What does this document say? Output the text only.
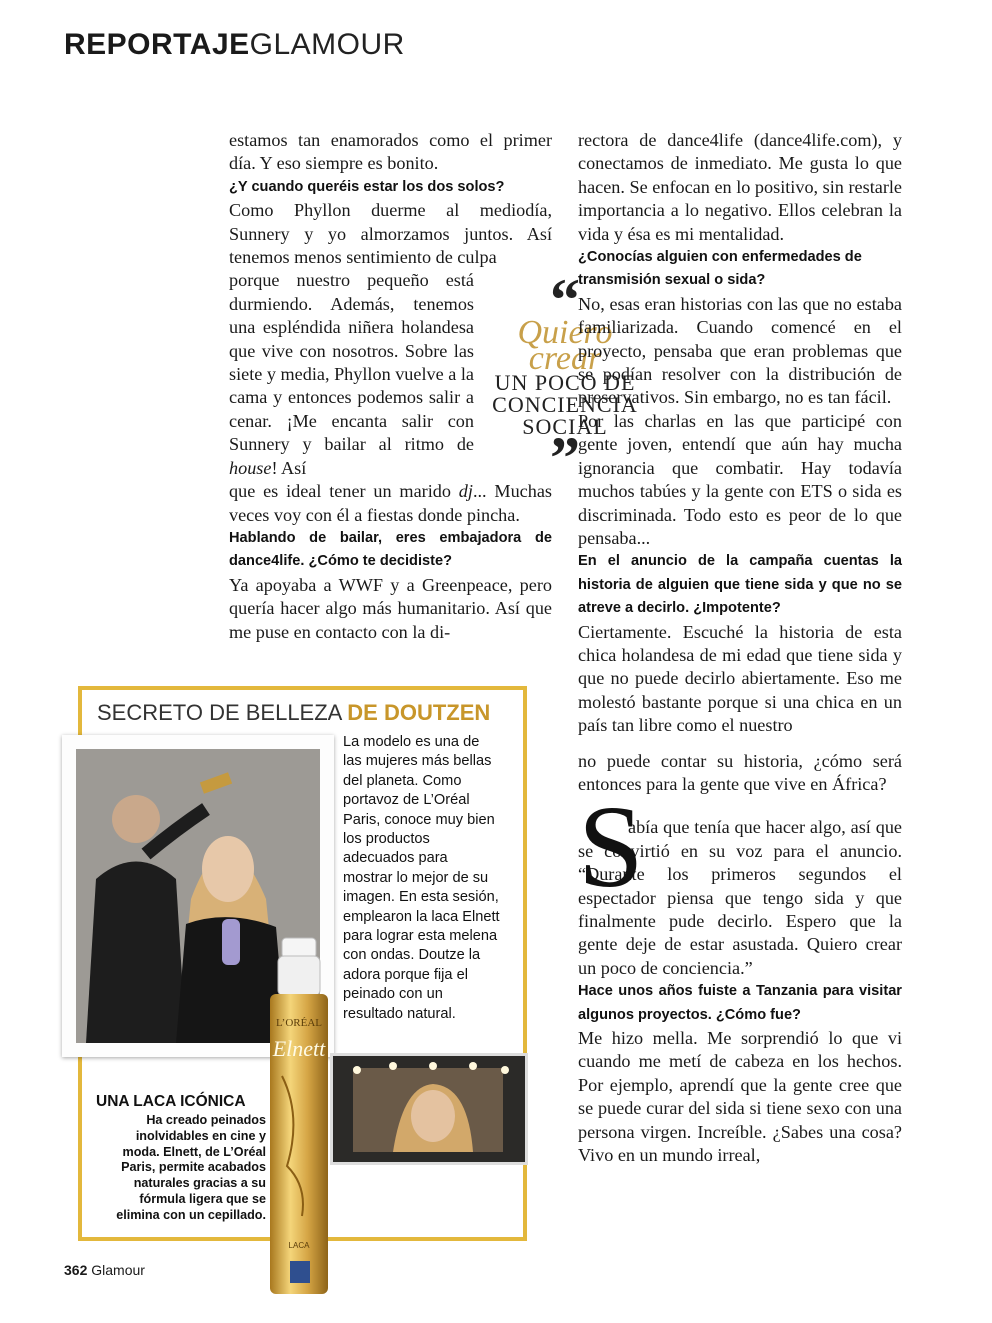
REPORTAJEGLAMOUR

estamos tan enamorados como el primer día. Y eso siempre es bonito.

¿Y cuando queréis estar los dos solos?

Como Phyllon duerme al mediodía, Sunnery y yo almorzamos juntos. Así tenemos menos sentimiento de culpa

porque nuestro pequeño está durmiendo. Además, tenemos una espléndida niñera holandesa que vive con nosotros. Sobre las siete y media, Phyllon vuelve a la cama y entonces podemos salir a cenar. ¡Me encanta salir con Sunnery y bailar al ritmo de house! Así

que es ideal tener un marido dj... Muchas veces voy con él a fiestas donde pincha.

Hablando de bailar, eres embajadora de dance4life. ¿Cómo te decidiste?

Ya apoyaba a WWF y a Greenpeace, pero quería hacer algo más humanitario. Así que me puse en contacto con la di-

“
Quiero
crear
UN POCO DE
CONCIENCIA
SOCIAL
”

rectora de dance4life (dance4life.com), y conectamos de inmediato. Me gusta lo que hacen. Se enfocan en lo positivo, sin restarle importancia a lo negativo. Ellos celebran la vida y ésa es mi mentalidad.

¿Conocías alguien con enfermedades de

transmisión sexual o sida?

No, esas eran historias con las que no estaba familiarizada. Cuando comencé en el proyecto, pensaba que eran problemas que se podían resolver con la distribución de preservativos. Sin embargo, no es tan fácil.

Por las charlas en las que participé con gente joven, entendí que aún hay mucha ignorancia que combatir. Hay todavía muchos tabúes y la gente con ETS o sida es discriminada. Todo esto es peor de lo que pensaba...

En el anuncio de la campaña cuentas la historia de alguien que tiene sida y que no se atreve a decirlo. ¿Impotente?

Ciertamente. Escuché la historia de esta chica holandesa de mi edad que tiene sida y que no puede decirlo abiertamente. Eso me molestó bastante porque si una chica en un país tan libre como el nuestro

no puede contar su historia, ¿cómo será entonces para la gente que vive en África?

abía que tenía que hacer algo, así que se convirtió en su voz para el anuncio. “Durante los primeros segundos el espectador piensa que tengo sida y que finalmente pude decirlo. Espero que la gente deje de estar asustada. Quiero crear un poco de conciencia.”

Hace unos años fuiste a Tanzania para visitar algunos proyectos. ¿Cómo fue?

Me hizo mella. Me sorprendió lo que vi cuando me metí de cabeza en los hechos. Por ejemplo, aprendí que la gente cree que se puede curar del sida si tiene sexo con una persona virgen. Increíble. ¿Sabes una cosa? Vivo en un mundo irreal,

S
SECRETO DE BELLEZA DE DOUTZEN
La modelo es una de las mujeres más bellas del planeta. Como portavoz de L’Oréal Paris, conoce muy bien los productos adecuados para mostrar lo mejor de su imagen. En esta sesión, emplearon la laca Elnett para lograr esta melena con ondas. Doutze la adora porque fija el peinado con un resultado natural.
UNA LACA ICÓNICA
Ha creado peinados inolvidables en cine y moda. Elnett, de L’Oréal Paris, permite acabados naturales gracias a su fórmula ligera que se elimina con un cepillado.
L’ORÉAL
Elnett
LACA
362 Glamour
